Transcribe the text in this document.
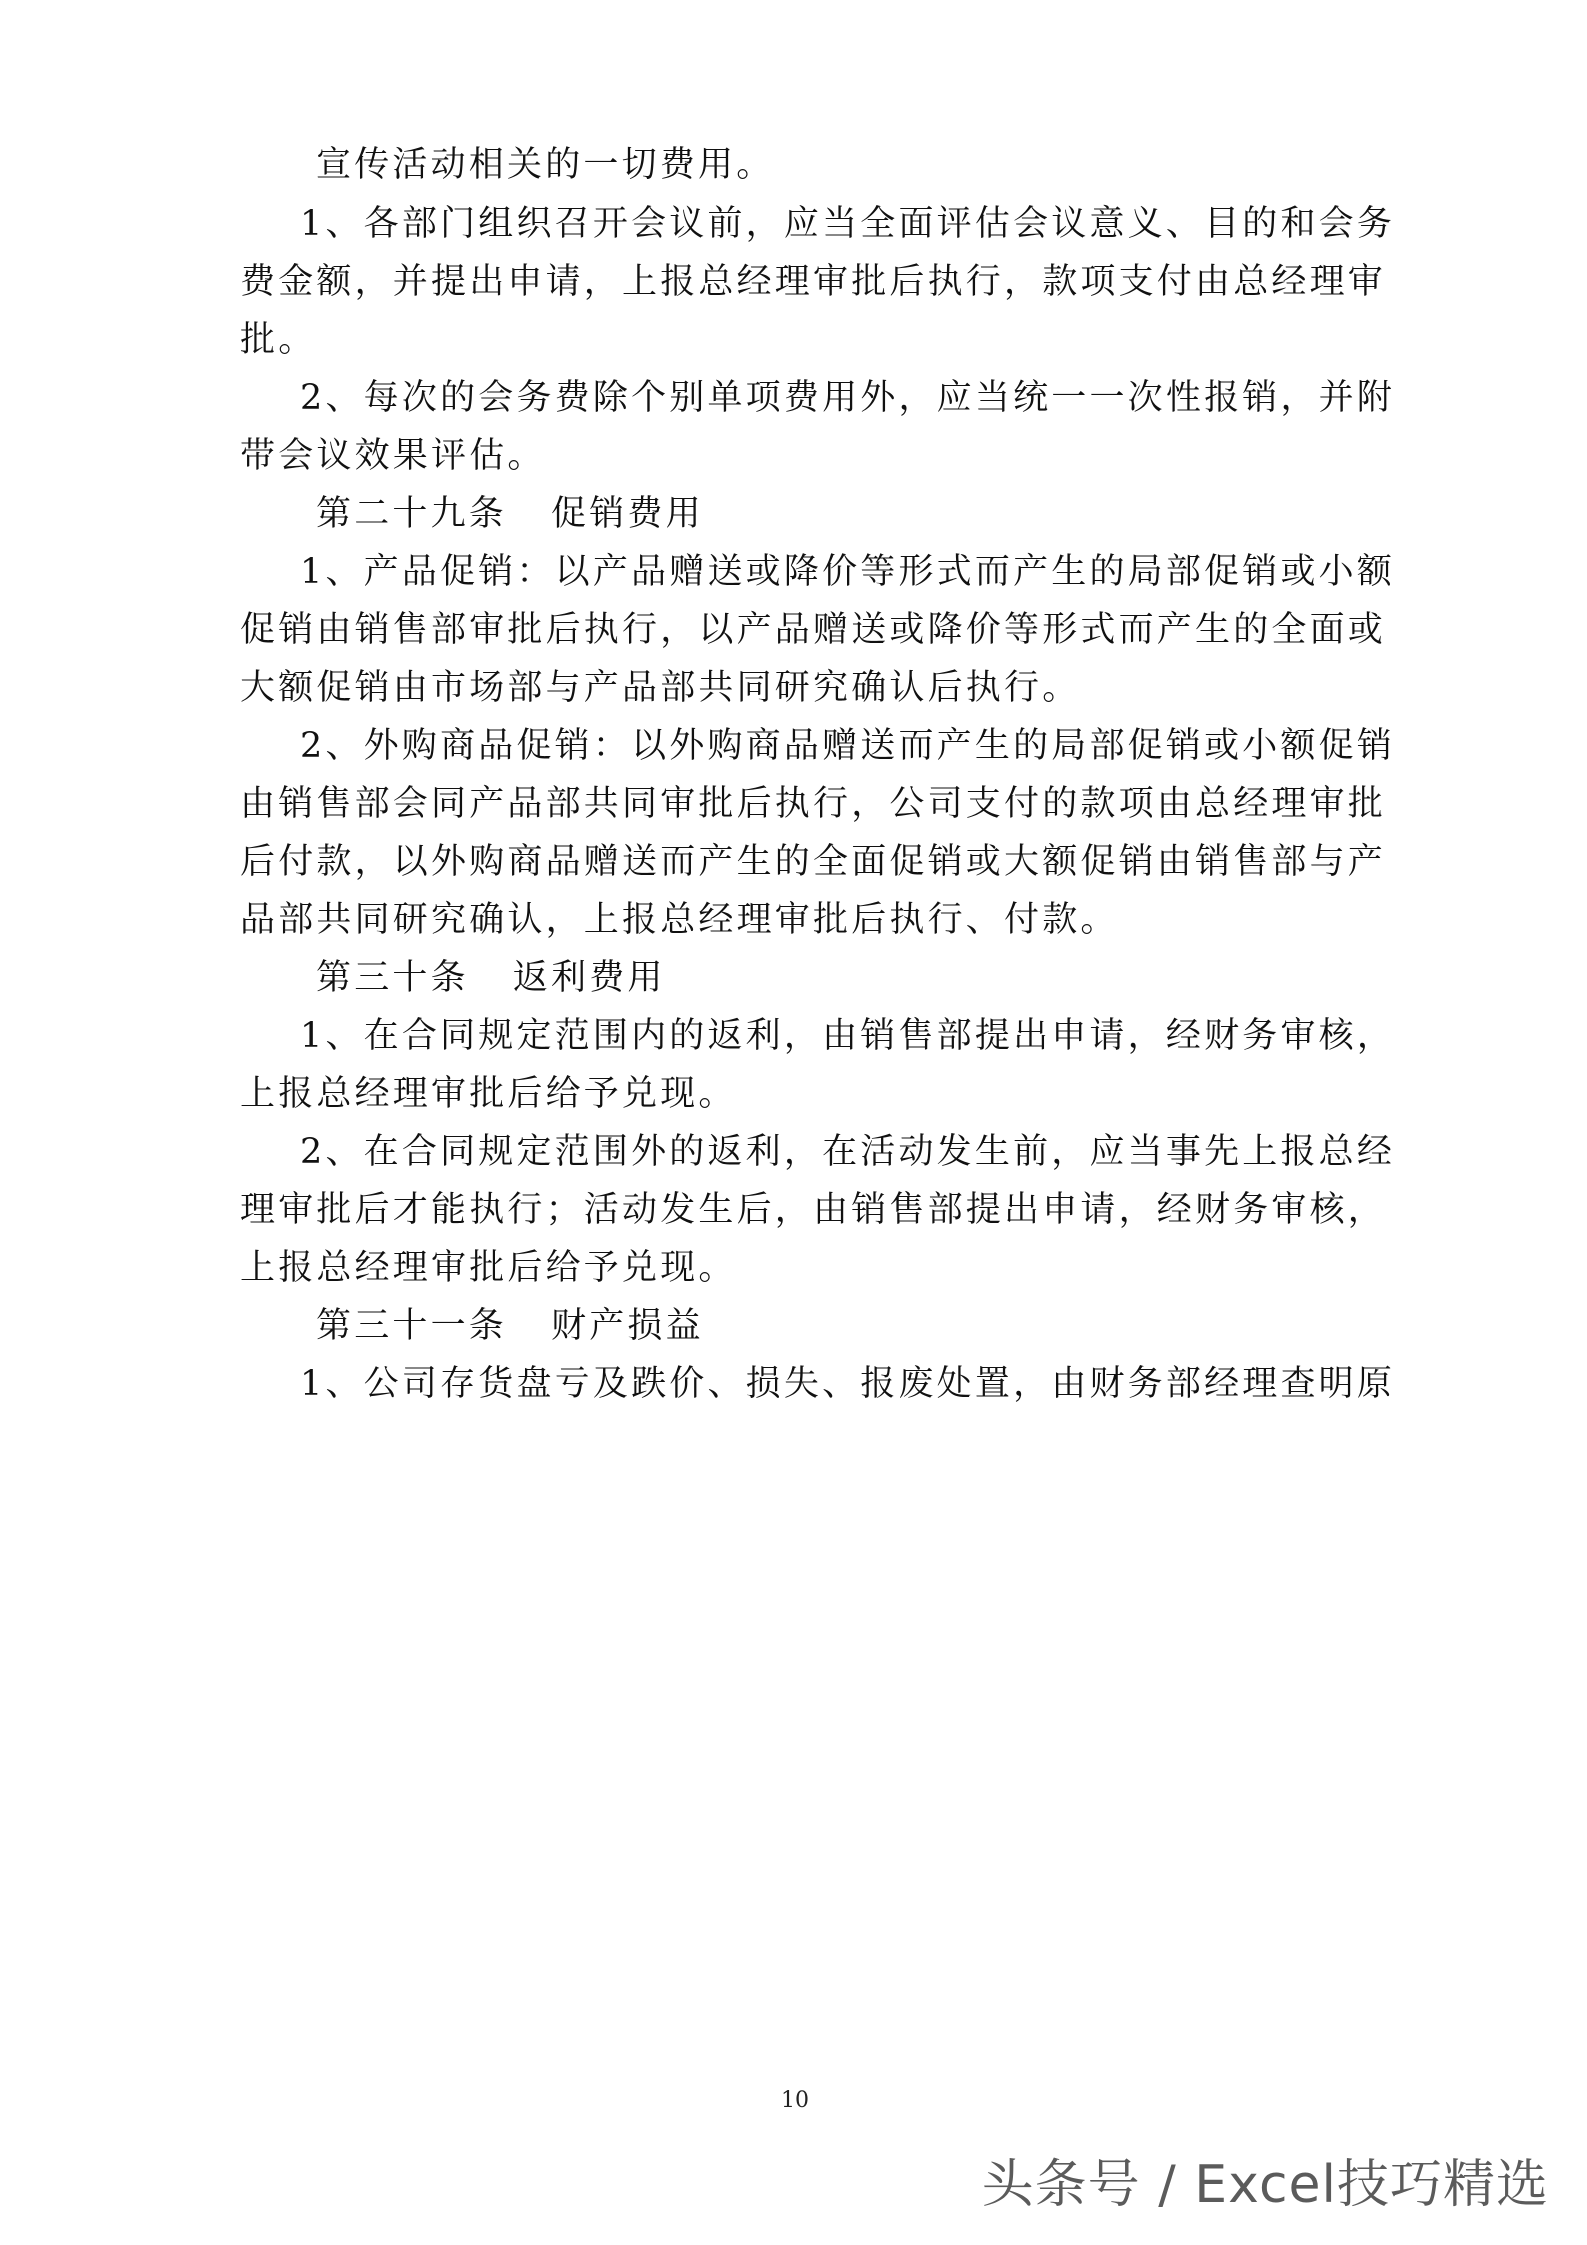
宣传活动相关的一切费用。
1、各部门组织召开会议前，应当全面评估会议意义、目的和会务
费金额，并提出申请，上报总经理审批后执行，款项支付由总经理审
批。
2、每次的会务费除个别单项费用外，应当统一一次性报销，并附
带会议效果评估。
第二十九条 促销费用
1、产品促销：以产品赠送或降价等形式而产生的局部促销或小额
促销由销售部审批后执行，以产品赠送或降价等形式而产生的全面或
大额促销由市场部与产品部共同研究确认后执行。
2、外购商品促销：以外购商品赠送而产生的局部促销或小额促销
由销售部会同产品部共同审批后执行，公司支付的款项由总经理审批
后付款，以外购商品赠送而产生的全面促销或大额促销由销售部与产
品部共同研究确认，上报总经理审批后执行、付款。
第三十条 返利费用
1、在合同规定范围内的返利，由销售部提出申请，经财务审核，
上报总经理审批后给予兑现。
2、在合同规定范围外的返利，在活动发生前，应当事先上报总经
理审批后才能执行；活动发生后，由销售部提出申请，经财务审核，
上报总经理审批后给予兑现。
第三十一条 财产损益
1、公司存货盘亏及跌价、损失、报废处置，由财务部经理查明原
10
头条号 / Excel技巧精选
